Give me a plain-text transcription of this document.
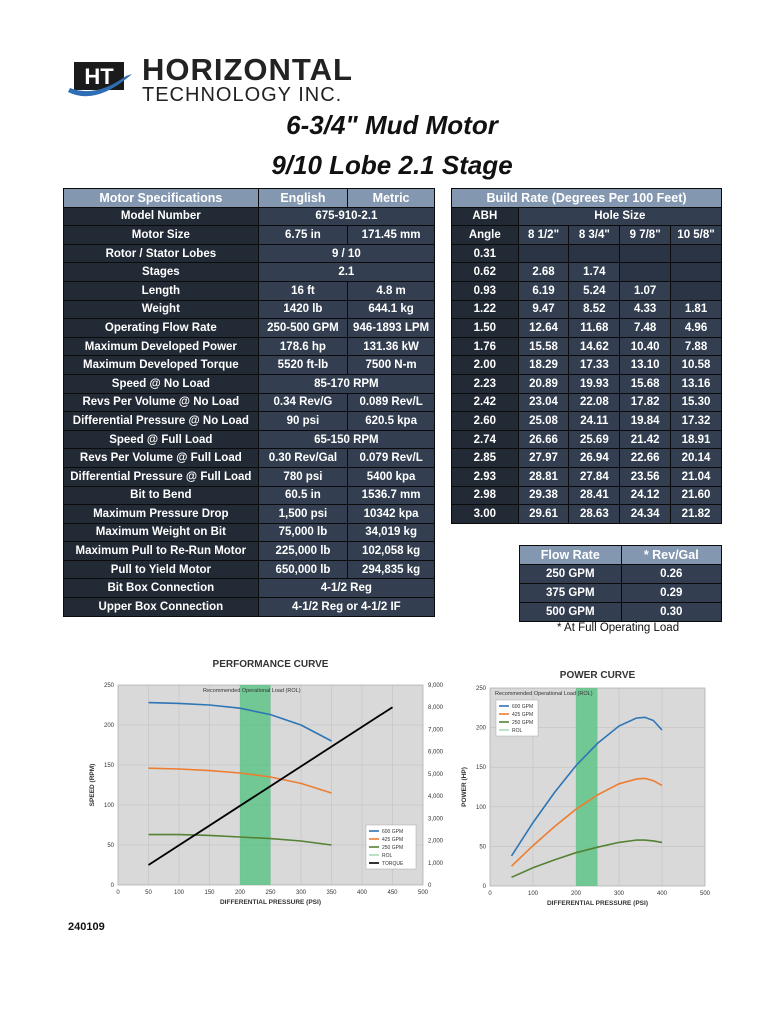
HT HORIZONTAL
TECHNOLOGY INC.
6-3/4" Mud Motor
9/10 Lobe 2.1 Stage
Motor Specifications	English	Metric
Model Number	675-910-2.1	
Motor Size	6.75 in	171.45 mm
Rotor / Stator Lobes	9 / 10	
Stages	2.1	
Length	16 ft	4.8 m
Weight	1420 lb	644.1 kg
Operating Flow Rate	250-500 GPM	946-1893 LPM
Maximum Developed Power	178.6 hp	131.36 kW
Maximum Developed Torque	5520 ft-lb	7500 N-m
Speed @ No Load	85-170 RPM	
Revs Per Volume @ No Load	0.34 Rev/G	0.089 Rev/L
Differential Pressure @ No Load	90 psi	620.5 kpa
Speed @ Full Load	65-150 RPM	
Revs Per Volume @ Full Load	0.30 Rev/Gal	0.079 Rev/L
Differential Pressure @ Full Load	780 psi	5400 kpa
Bit to Bend	60.5 in	1536.7 mm
Maximum Pressure Drop	1,500 psi	10342 kpa
Maximum Weight on Bit	75,000 lb	34,019 kg
Maximum Pull to Re-Run Motor	225,000 lb	102,058 kg
Pull to Yield Motor	650,000 lb	294,835 kg
Bit Box Connection	4-1/2 Reg	
Upper Box Connection	4-1/2 Reg or 4-1/2 IF	
Build Rate (Degrees Per 100 Feet)				
ABH	Hole Size			
Angle	8 1/2"	8 3/4"	9 7/8"	10 5/8"
0.31				
0.62	2.68	1.74		
0.93	6.19	5.24	1.07	
1.22	9.47	8.52	4.33	1.81
1.50	12.64	11.68	7.48	4.96
1.76	15.58	14.62	10.40	7.88
2.00	18.29	17.33	13.10	10.58
2.23	20.89	19.93	15.68	13.16
2.42	23.04	22.08	17.82	15.30
2.60	25.08	24.11	19.84	17.32
2.74	26.66	25.69	21.42	18.91
2.85	27.97	26.94	22.66	20.14
2.93	28.81	27.84	23.56	21.04
2.98	29.38	28.41	24.12	21.60
3.00	29.61	28.63	24.34	21.82
Flow Rate	* Rev/Gal
250 GPM	0.26
375 GPM	0.29
500 GPM	0.30
* At Full Operating Load
PERFORMANCE CURVE
Recommended Operational Load (ROL)
0	50	100	150	200	250	300	350	400	450	500
0
50
100
150
200
250
DIFFERENTIAL PRESSURE (PSI)
SPEED (RPM)
0
1,000
2,000
3,000
4,000
5,000
6,000
7,000
8,000
9,000
600 GPM
425 GPM
250 GPM
ROL
TORQUE
POWER CURVE
Recommended Operational Load (ROL)
0	100	200	300	400	500
0
50
100
150
200
250
DIFFERENTIAL PRESSURE (PSI)
POWER (HP)
600 GPM
425 GPM
250 GPM
ROL
240109
